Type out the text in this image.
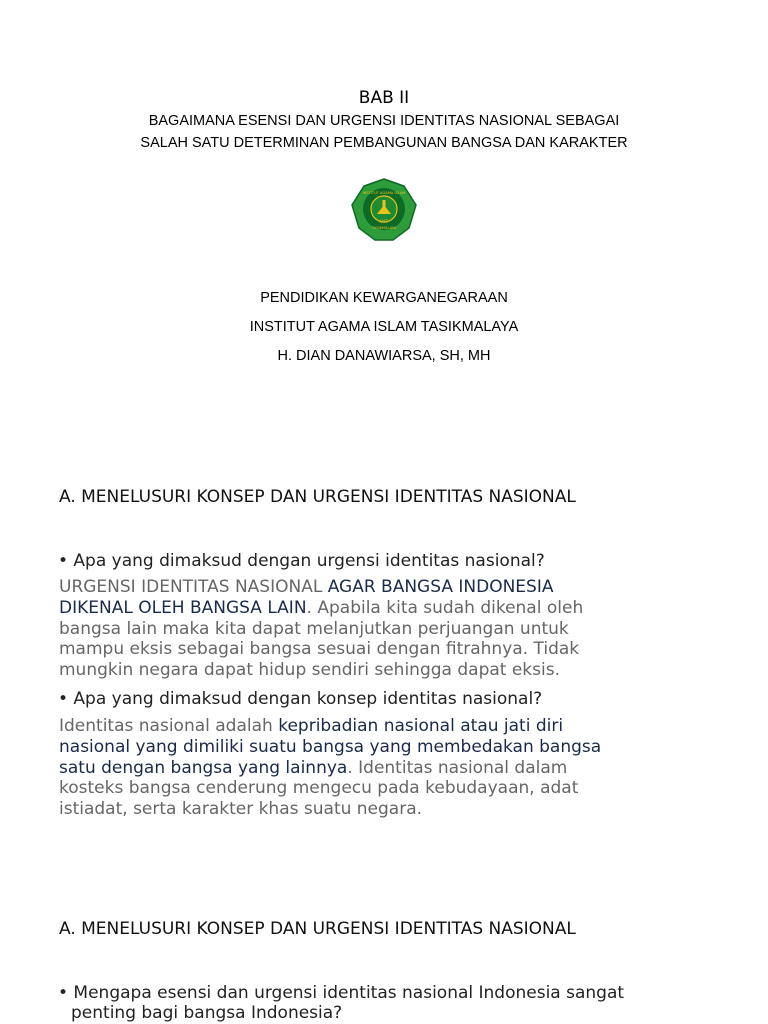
BAB II
BAGAIMANA ESENSI DAN URGENSI IDENTITAS NASIONAL SEBAGAI
SALAH SATU DETERMINAN PEMBANGUNAN BANGSA DAN KARAKTER
IAIT
INSTITUT AGAMA ISLAM
TASIKMALAYA
PENDIDIKAN KEWARGANEGARAAN
INSTITUT AGAMA ISLAM TASIKMALAYA
H. DIAN DANAWIARSA, SH, MH
A. MENELUSURI KONSEP DAN URGENSI IDENTITAS NASIONAL
• Apa yang dimaksud dengan urgensi identitas nasional?
URGENSI IDENTITAS NASIONAL AGAR BANGSA INDONESIA
DIKENAL OLEH BANGSA LAIN. Apabila kita sudah dikenal oleh
bangsa lain maka kita dapat melanjutkan perjuangan untuk
mampu eksis sebagai bangsa sesuai dengan fitrahnya. Tidak
mungkin negara dapat hidup sendiri sehingga dapat eksis.
• Apa yang dimaksud dengan konsep identitas nasional?
Identitas nasional adalah kepribadian nasional atau jati diri
nasional yang dimiliki suatu bangsa yang membedakan bangsa
satu dengan bangsa yang lainnya. Identitas nasional dalam
kosteks bangsa cenderung mengecu pada kebudayaan, adat
istiadat, serta karakter khas suatu negara.
A. MENELUSURI KONSEP DAN URGENSI IDENTITAS NASIONAL
• Mengapa esensi dan urgensi identitas nasional Indonesia sangat
penting bagi bangsa Indonesia?
